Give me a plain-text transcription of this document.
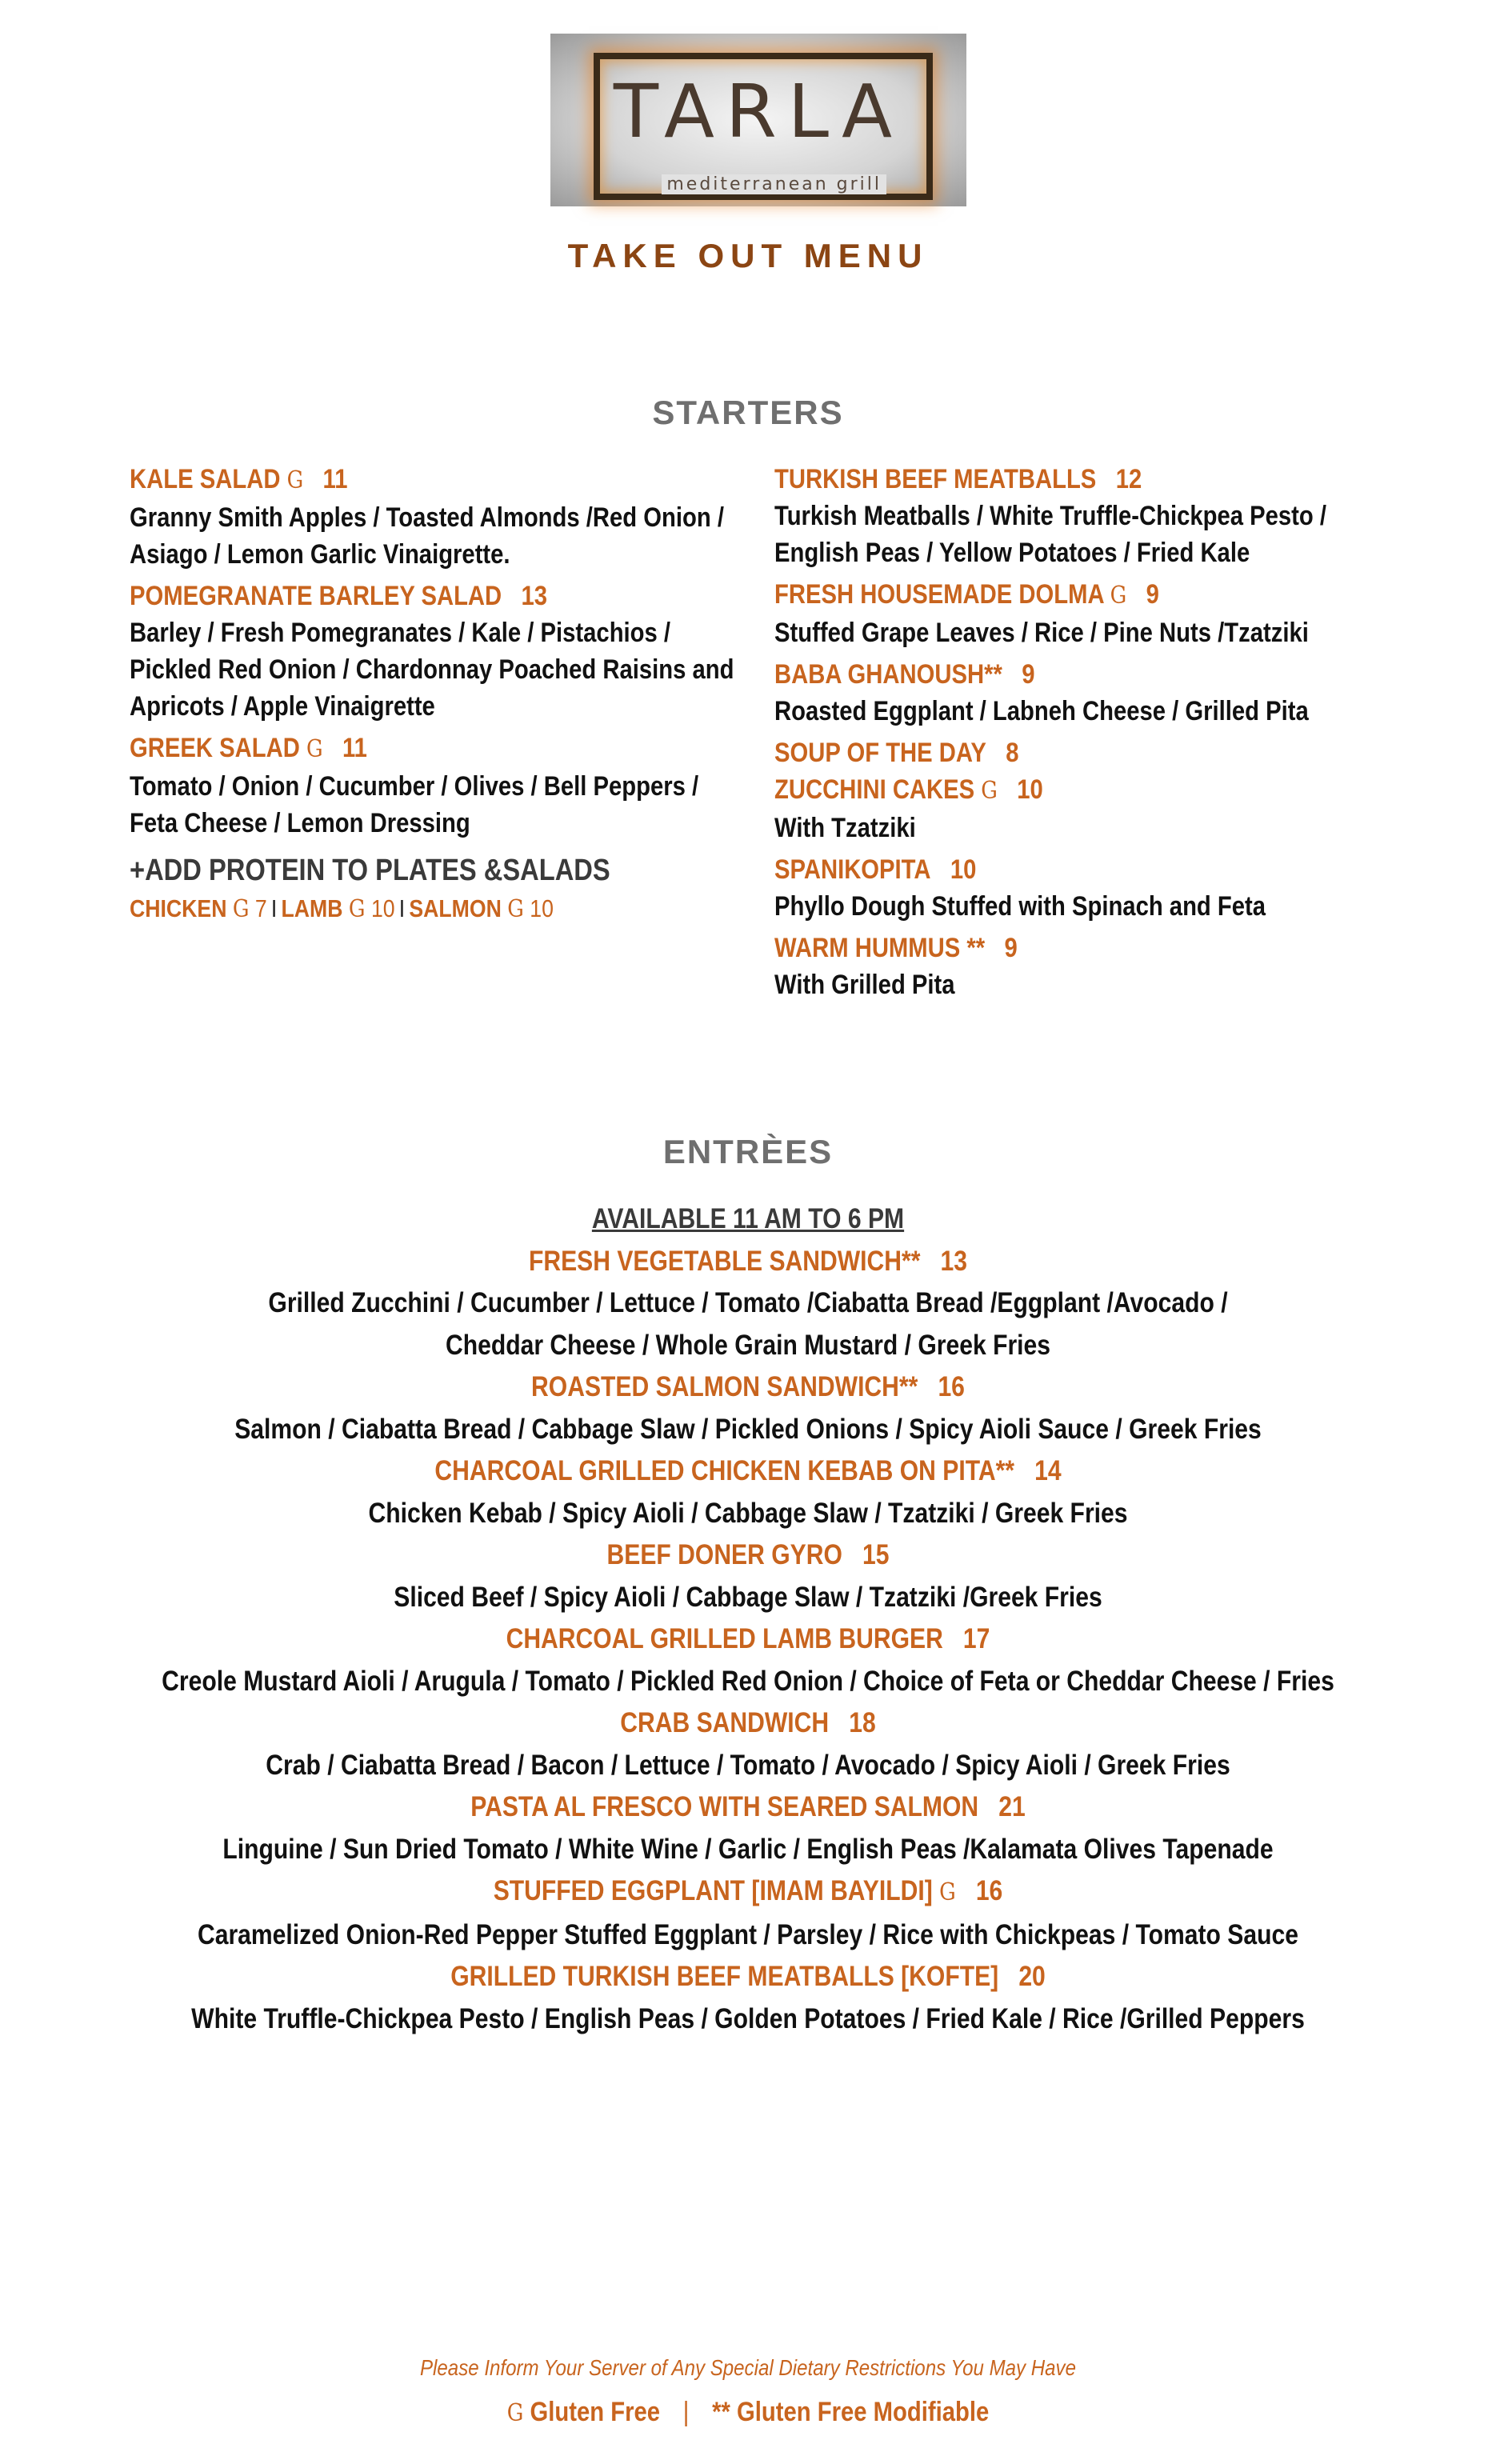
TARLA
mediterranean grill
TAKE OUT MENU
STARTERS
KALE SALAD G 11
Granny Smith Apples / Toasted Almonds /Red Onion / Asiago / Lemon Garlic Vinaigrette.
POMEGRANATE BARLEY SALAD 13
Barley / Fresh Pomegranates / Kale / Pistachios / Pickled Red Onion / Chardonnay Poached Raisins and Apricots / Apple Vinaigrette
GREEK SALAD G 11
Tomato / Onion / Cucumber / Olives / Bell Peppers / Feta Cheese / Lemon Dressing
+ADD PROTEIN TO PLATES &SALADS
CHICKEN G 7 I LAMB G 10 I SALMON G 10
TURKISH BEEF MEATBALLS 12
Turkish Meatballs / White Truffle-Chickpea Pesto / English Peas / Yellow Potatoes / Fried Kale
FRESH HOUSEMADE DOLMA G 9
Stuffed Grape Leaves / Rice / Pine Nuts /Tzatziki
BABA GHANOUSH** 9
Roasted Eggplant / Labneh Cheese / Grilled Pita
SOUP OF THE DAY 8
ZUCCHINI CAKES G 10
With Tzatziki
SPANIKOPITA 10
Phyllo Dough Stuffed with Spinach and Feta
WARM HUMMUS ** 9
With Grilled Pita
ENTRÈES
AVAILABLE 11 AM TO 6 PM
FRESH VEGETABLE SANDWICH** 13
Grilled Zucchini / Cucumber / Lettuce / Tomato /Ciabatta Bread /Eggplant /Avocado /
Cheddar Cheese / Whole Grain Mustard / Greek Fries
ROASTED SALMON SANDWICH** 16
Salmon / Ciabatta Bread / Cabbage Slaw / Pickled Onions / Spicy Aioli Sauce / Greek Fries
CHARCOAL GRILLED CHICKEN KEBAB ON PITA** 14
Chicken Kebab / Spicy Aioli / Cabbage Slaw / Tzatziki / Greek Fries
BEEF DONER GYRO 15
Sliced Beef / Spicy Aioli / Cabbage Slaw / Tzatziki /Greek Fries
CHARCOAL GRILLED LAMB BURGER 17
Creole Mustard Aioli / Arugula / Tomato / Pickled Red Onion / Choice of Feta or Cheddar Cheese / Fries
CRAB SANDWICH 18
Crab / Ciabatta Bread / Bacon / Lettuce / Tomato / Avocado / Spicy Aioli / Greek Fries
PASTA AL FRESCO WITH SEARED SALMON 21
Linguine / Sun Dried Tomato / White Wine / Garlic / English Peas /Kalamata Olives Tapenade
STUFFED EGGPLANT [IMAM BAYILDI] G 16
Caramelized Onion-Red Pepper Stuffed Eggplant / Parsley / Rice with Chickpeas / Tomato Sauce
GRILLED TURKISH BEEF MEATBALLS [KOFTE] 20
White Truffle-Chickpea Pesto / English Peas / Golden Potatoes / Fried Kale / Rice /Grilled Peppers
Please Inform Your Server of Any Special Dietary Restrictions You May Have
G Gluten Free | ** Gluten Free Modifiable
